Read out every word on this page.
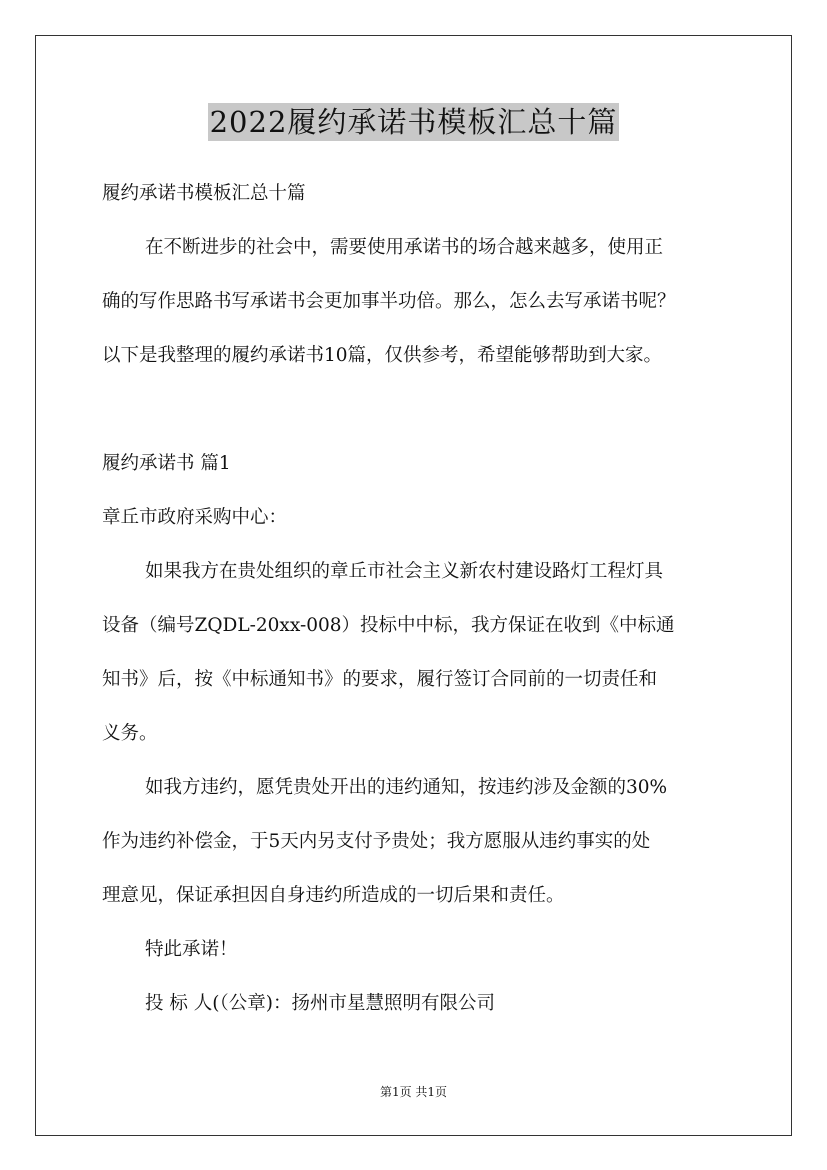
2022履约承诺书模板汇总十篇
履约承诺书模板汇总十篇
在不断进步的社会中，需要使用承诺书的场合越来越多，使用正
确的写作思路书写承诺书会更加事半功倍。那么，怎么去写承诺书呢？
以下是我整理的履约承诺书10篇，仅供参考，希望能够帮助到大家。
履约承诺书 篇1
章丘市政府采购中心：
如果我方在贵处组织的章丘市社会主义新农村建设路灯工程灯具
设备（编号ZQDL-20xx-008）投标中中标，我方保证在收到《中标通
知书》后，按《中标通知书》的要求，履行签订合同前的一切责任和
义务。
如我方违约，愿凭贵处开出的违约通知，按违约涉及金额的30%
作为违约补偿金，于5天内另支付予贵处；我方愿服从违约事实的处
理意见，保证承担因自身违约所造成的一切后果和责任。
特此承诺！
投 标 人(（公章)：扬州市星慧照明有限公司
第1页 共1页
